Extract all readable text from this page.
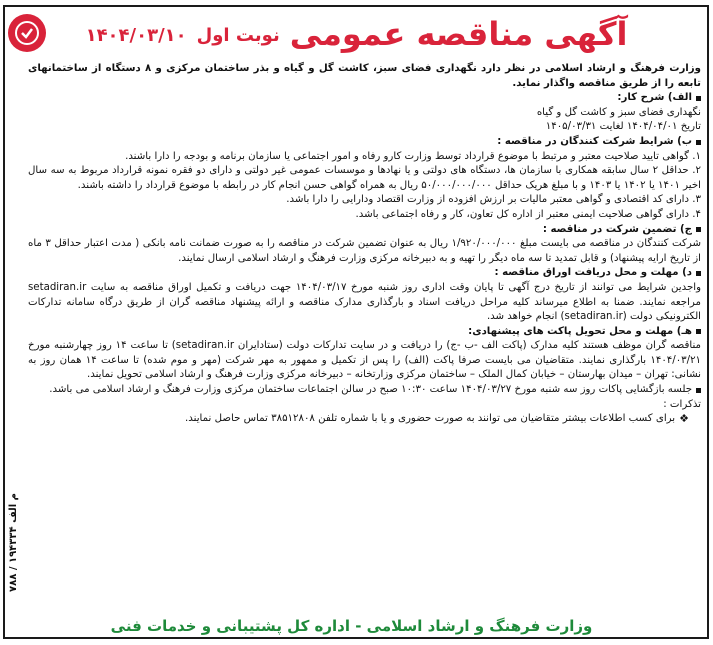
آگهی مناقصه عمومی
نوبت اول
۱۴۰۴/۰۳/۱۰

وزارت فرهنگ و ارشاد اسلامی در نظر دارد نگهداری فضای سبز، کاشت گل و گیاه و بذر ساختمان مرکزی و ۸ دستگاه از ساختمانهای تابعه را از طریق مناقصه واگذار نماید.

الف) شرح کار:

نگهداری فضای سبز و کاشت گل و گیاه

تاریخ ۱۴۰۴/۰۴/۰۱ لغایت ۱۴۰۵/۰۳/۳۱

ب) شرایط شرکت کنندگان در مناقصه :

۱. گواهی تایید صلاحیت معتبر و مرتبط با موضوع قرارداد توسط وزارت کارو رفاه و امور اجتماعی یا سازمان برنامه و بودجه را دارا باشند.

۲. حداقل ۲ سال سابقه همکاری با سازمان ها، دستگاه های دولتی و یا نهادها و موسسات عمومی غیر دولتی و دارای دو فقره نمونه قرارداد مربوط به سه سال اخیر ۱۴۰۱ یا ۱۴۰۲ یا ۱۴۰۳ و با مبلغ هریک حداقل ۵۰/۰۰۰/۰۰۰/۰۰۰ ریال به همراه گواهی حسن انجام کار در رابطه با موضوع قرارداد را داشته باشند.

۳. دارای کد اقتصادی و گواهی معتبر مالیات بر ارزش افزوده از وزارت اقتصاد ودارایی را دارا باشد.

۴. دارای گواهی صلاحیت ایمنی معتبر از اداره کل تعاون، کار و رفاه اجتماعی باشد.

ج) تضمین شرکت در مناقصه :

شرکت کنندگان در مناقصه می بایست مبلغ ۱/۹۲۰/۰۰۰/۰۰۰ ریال به عنوان تضمین شرکت در مناقصه را به صورت ضمانت نامه بانکی ( مدت اعتبار حداقل ۳ ماه از تاریخ ارایه پیشنهاد) و قابل تمدید تا سه ماه دیگر را تهیه و به دبیرخانه مرکزی وزارت فرهنگ و ارشاد اسلامی ارسال نمایند.

د) مهلت و محل دریافت اوراق مناقصه :

واجدین شرایط می توانند از تاریخ درج آگهی تا پایان وقت اداری روز شنبه مورخ ۱۴۰۴/۰۳/۱۷ جهت دریافت و تکمیل اوراق مناقصه به سایت setadiran.ir مراجعه نمایند. ضمنا به اطلاع میرساند کلیه مراحل دریافت اسناد و بارگذاری مدارک مناقصه و ارائه پیشنهاد مناقصه گران از طریق درگاه سامانه تدارکات الکترونیکی دولت (setadiran.ir) انجام خواهد شد.

هـ) مهلت و محل تحویل پاکت های پیشنهادی:

مناقصه گران موظف هستند کلیه مدارک (پاکت الف -ب -ج) را دریافت و در سایت تدارکات دولت (ستادایران setadiran.ir) تا ساعت ۱۴ روز چهارشنبه مورخ ۱۴۰۴/۰۳/۲۱ بارگذاری نمایند. متقاضیان می بایست صرفا پاکت (الف) را پس از تکمیل و ممهور به مهر شرکت (مهر و موم شده) تا ساعت ۱۴ همان روز به نشانی: تهران – میدان بهارستان – خیابان کمال الملک – ساختمان مرکزی وزارتخانه – دبیرخانه مرکزی وزارت فرهنگ و ارشاد اسلامی تحویل نمایند.

جلسه بازگشایی پاکات روز سه شنبه مورخ ۱۴۰۴/۰۳/۲۷ ساعت ۱۰:۳۰ صبح در سالن اجتماعات ساختمان مرکزی وزارت فرهنگ و ارشاد اسلامی می باشد.

تذکرات :

❖
برای کسب اطلاعات بیشتر متقاضیان می توانند به صورت حضوری و یا با شماره تلفن ۳۸۵۱۲۸۰۸ تماس حاصل نمایند.
وزارت فرهنگ و ارشاد اسلامی - اداره کل پشتیبانی و خدمات فنی
م الف ۱۹۴۳۳۴ / ۷۸۸
